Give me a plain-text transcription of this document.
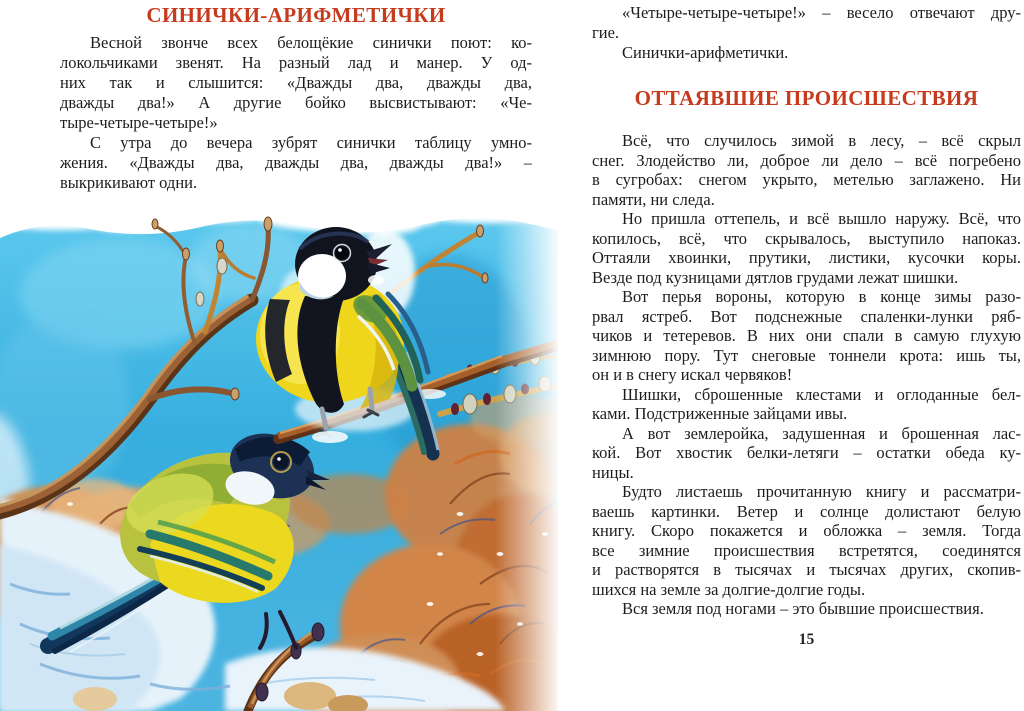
СИНИЧКИ-АРИФМЕТИЧКИ
Весной звонче всех белощёкие синички поют: ко-
локольчиками звенят. На разный лад и манер. У од-
них так и слышится: «Дважды два, дважды два,
дважды два!» А другие бойко высвистывают: «Че-
тыре-четыре-четыре!»
С утра до вечера зубрят синички таблицу умно-
жения. «Дважды два, дважды два, дважды два!» –
выкрикивают одни.
«Четыре-четыре-четыре!» – весело отвечают дру-
гие.
Синички-арифметички.
ОТТАЯВШИЕ ПРОИСШЕСТВИЯ
Всё, что случилось зимой в лесу, – всё скрыл
снег. Злодейство ли, доброе ли дело – всё погребено
в сугробах: снегом укрыто, метелью заглажено. Ни
памяти, ни следа.
Но пришла оттепель, и всё вышло наружу. Всё, что
копилось, всё, что скрывалось, выступило напоказ.
Оттаяли хвоинки, прутики, листики, кусочки коры.
Везде под кузницами дятлов грудами лежат шишки.
Вот перья вороны, которую в конце зимы разо-
рвал ястреб. Вот подснежные спаленки-лунки ряб-
чиков и тетеревов. В них они спали в самую глухую
зимнюю пору. Тут снеговые тоннели крота: ишь ты,
он и в снегу искал червяков!
Шишки, сброшенные клестами и оглоданные бел-
ками. Подстриженные зайцами ивы.
А вот землеройка, задушенная и брошенная лас-
кой. Вот хвостик белки-летяги – остатки обеда ку-
ницы.
Будто листаешь прочитанную книгу и рассматри-
ваешь картинки. Ветер и солнце долистают белую
книгу. Скоро покажется и обложка – земля. Тогда
все зимние происшествия встретятся, соединятся
и растворятся в тысячах и тысячах других, скопив-
шихся на земле за долгие-долгие годы.
Вся земля под ногами – это бывшие происшествия.
15
